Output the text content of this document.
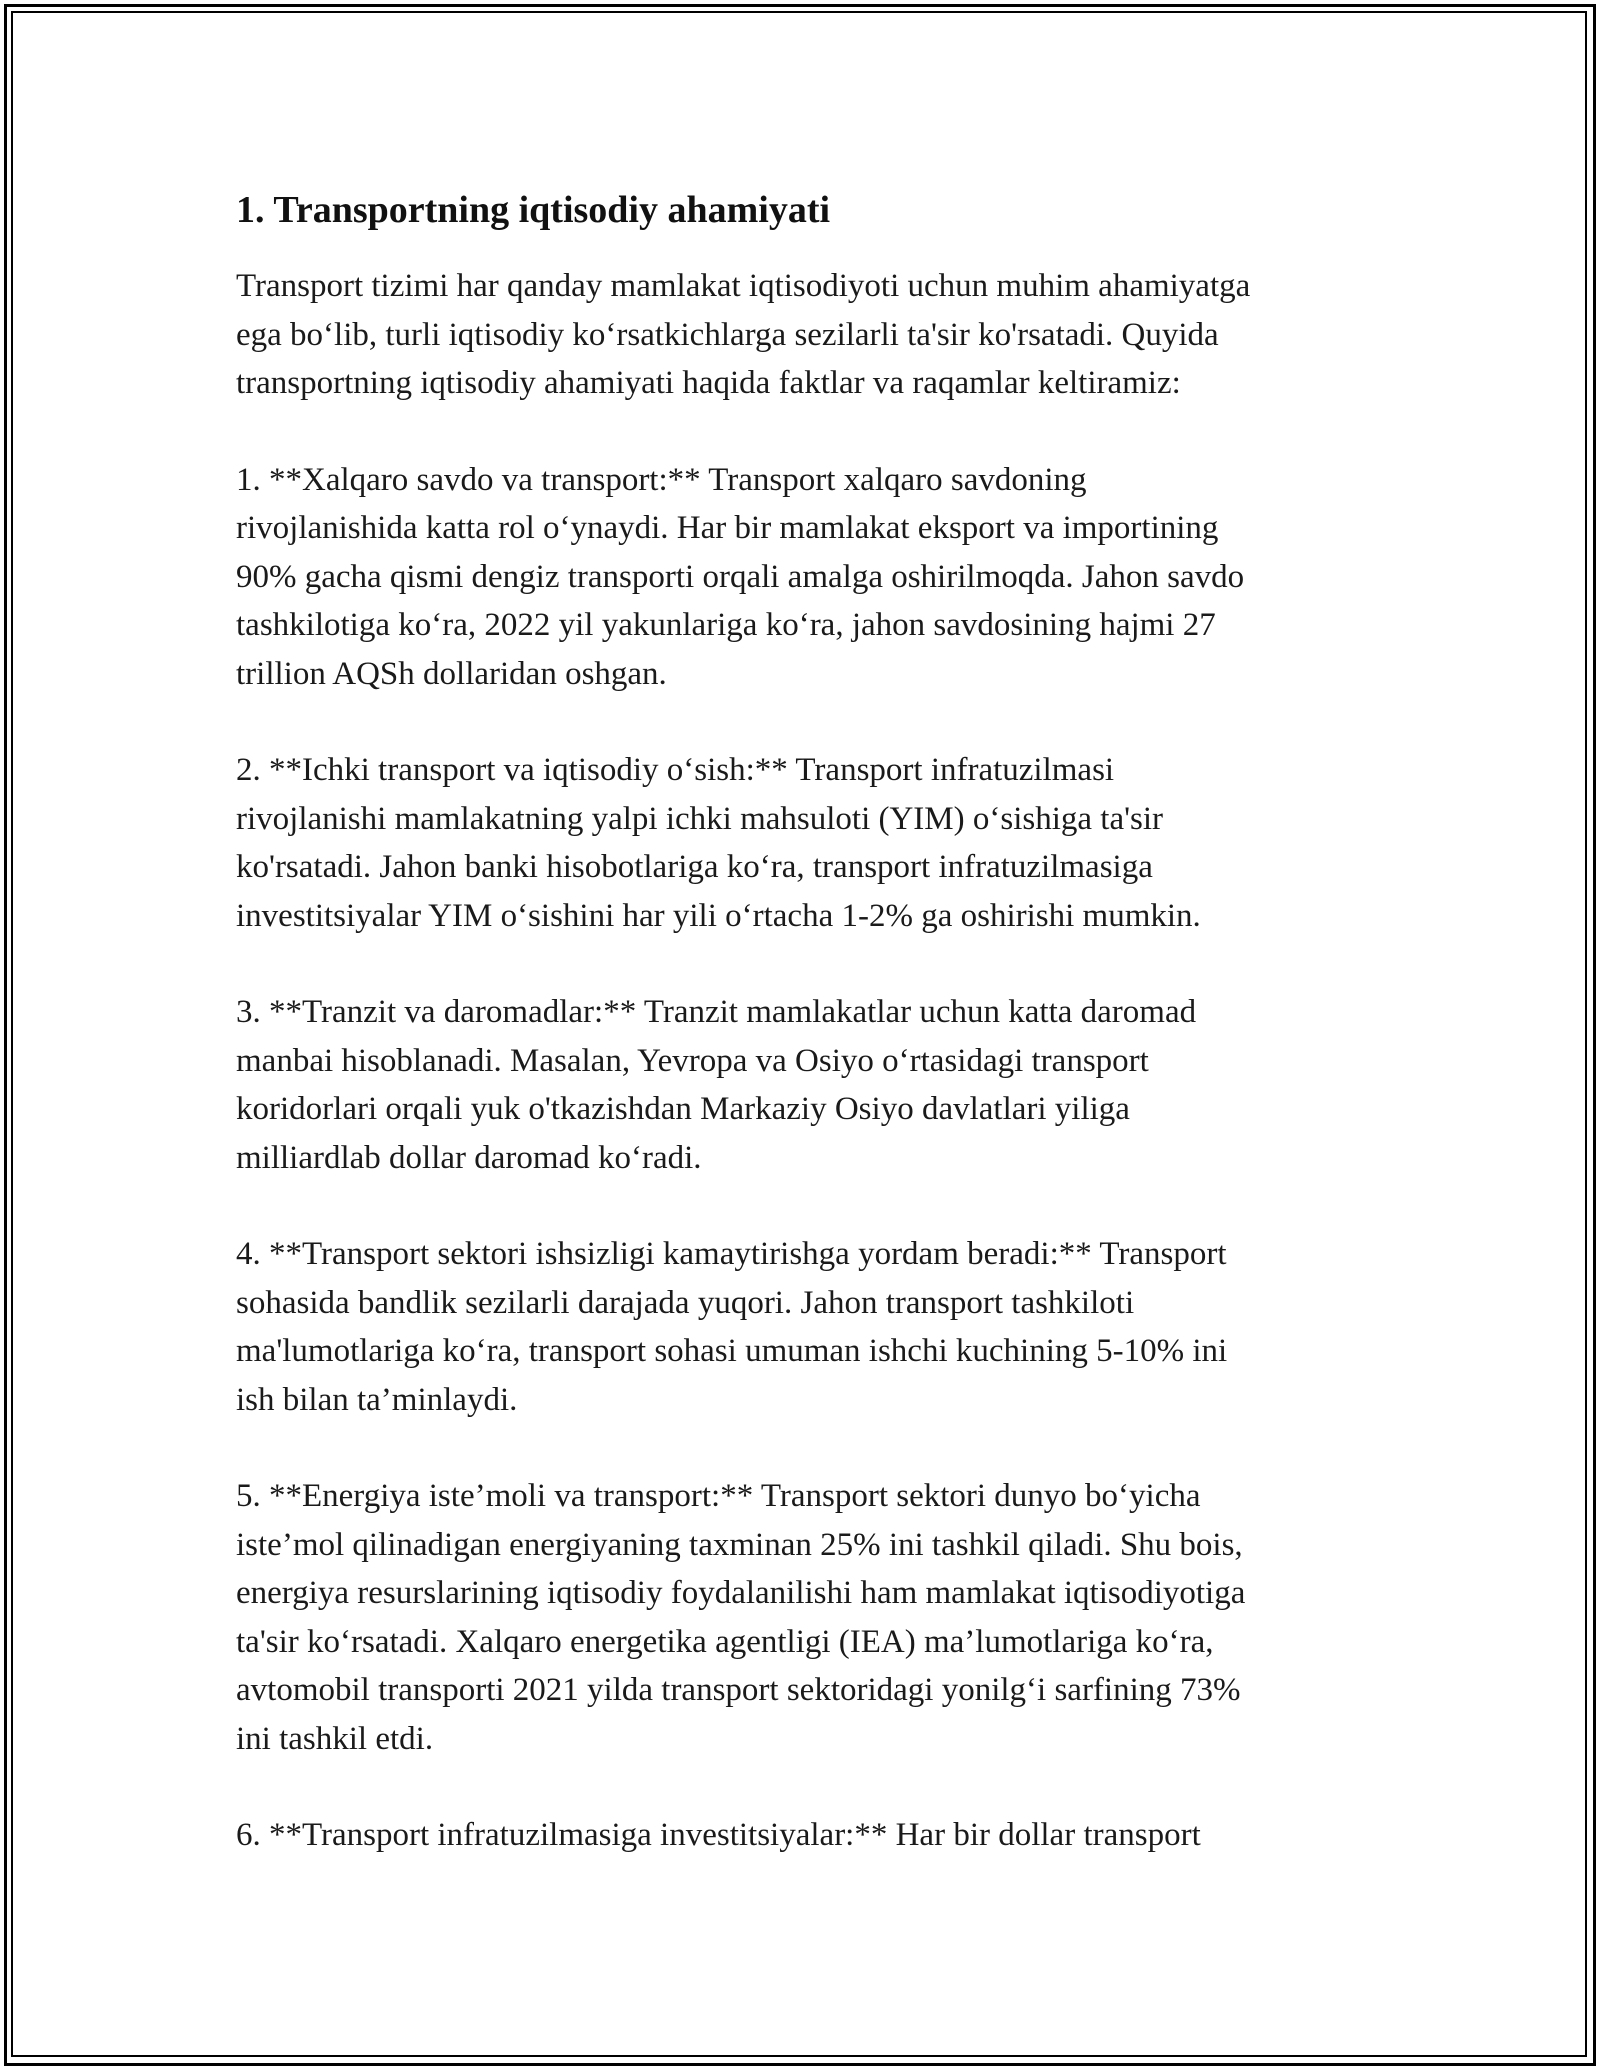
1. Transportning iqtisodiy ahamiyati

Transport tizimi har qanday mamlakat iqtisodiyoti uchun muhim ahamiyatga
ega bo‘lib, turli iqtisodiy ko‘rsatkichlarga sezilarli ta'sir ko'rsatadi. Quyida
transportning iqtisodiy ahamiyati haqida faktlar va raqamlar keltiramiz:

1. **Xalqaro savdo va transport:** Transport xalqaro savdoning
rivojlanishida katta rol o‘ynaydi. Har bir mamlakat eksport va importining
90% gacha qismi dengiz transporti orqali amalga oshirilmoqda. Jahon savdo
tashkilotiga ko‘ra, 2022 yil yakunlariga ko‘ra, jahon savdosining hajmi 27
trillion AQSh dollaridan oshgan.

2. **Ichki transport va iqtisodiy o‘sish:** Transport infratuzilmasi
rivojlanishi mamlakatning yalpi ichki mahsuloti (YIM) o‘sishiga ta'sir
ko'rsatadi. Jahon banki hisobotlariga ko‘ra, transport infratuzilmasiga
investitsiyalar YIM o‘sishini har yili o‘rtacha 1-2% ga oshirishi mumkin.

3. **Tranzit va daromadlar:** Tranzit mamlakatlar uchun katta daromad
manbai hisoblanadi. Masalan, Yevropa va Osiyo o‘rtasidagi transport
koridorlari orqali yuk o'tkazishdan Markaziy Osiyo davlatlari yiliga
milliardlab dollar daromad ko‘radi.

4. **Transport sektori ishsizligi kamaytirishga yordam beradi:** Transport
sohasida bandlik sezilarli darajada yuqori. Jahon transport tashkiloti
ma'lumotlariga ko‘ra, transport sohasi umuman ishchi kuchining 5-10% ini
ish bilan ta’minlaydi.

5. **Energiya iste’moli va transport:** Transport sektori dunyo bo‘yicha
iste’mol qilinadigan energiyaning taxminan 25% ini tashkil qiladi. Shu bois,
energiya resurslarining iqtisodiy foydalanilishi ham mamlakat iqtisodiyotiga
ta'sir ko‘rsatadi. Xalqaro energetika agentligi (IEA) ma’lumotlariga ko‘ra,
avtomobil transporti 2021 yilda transport sektoridagi yonilg‘i sarfining 73%
ini tashkil etdi.

6. **Transport infratuzilmasiga investitsiyalar:** Har bir dollar transport
